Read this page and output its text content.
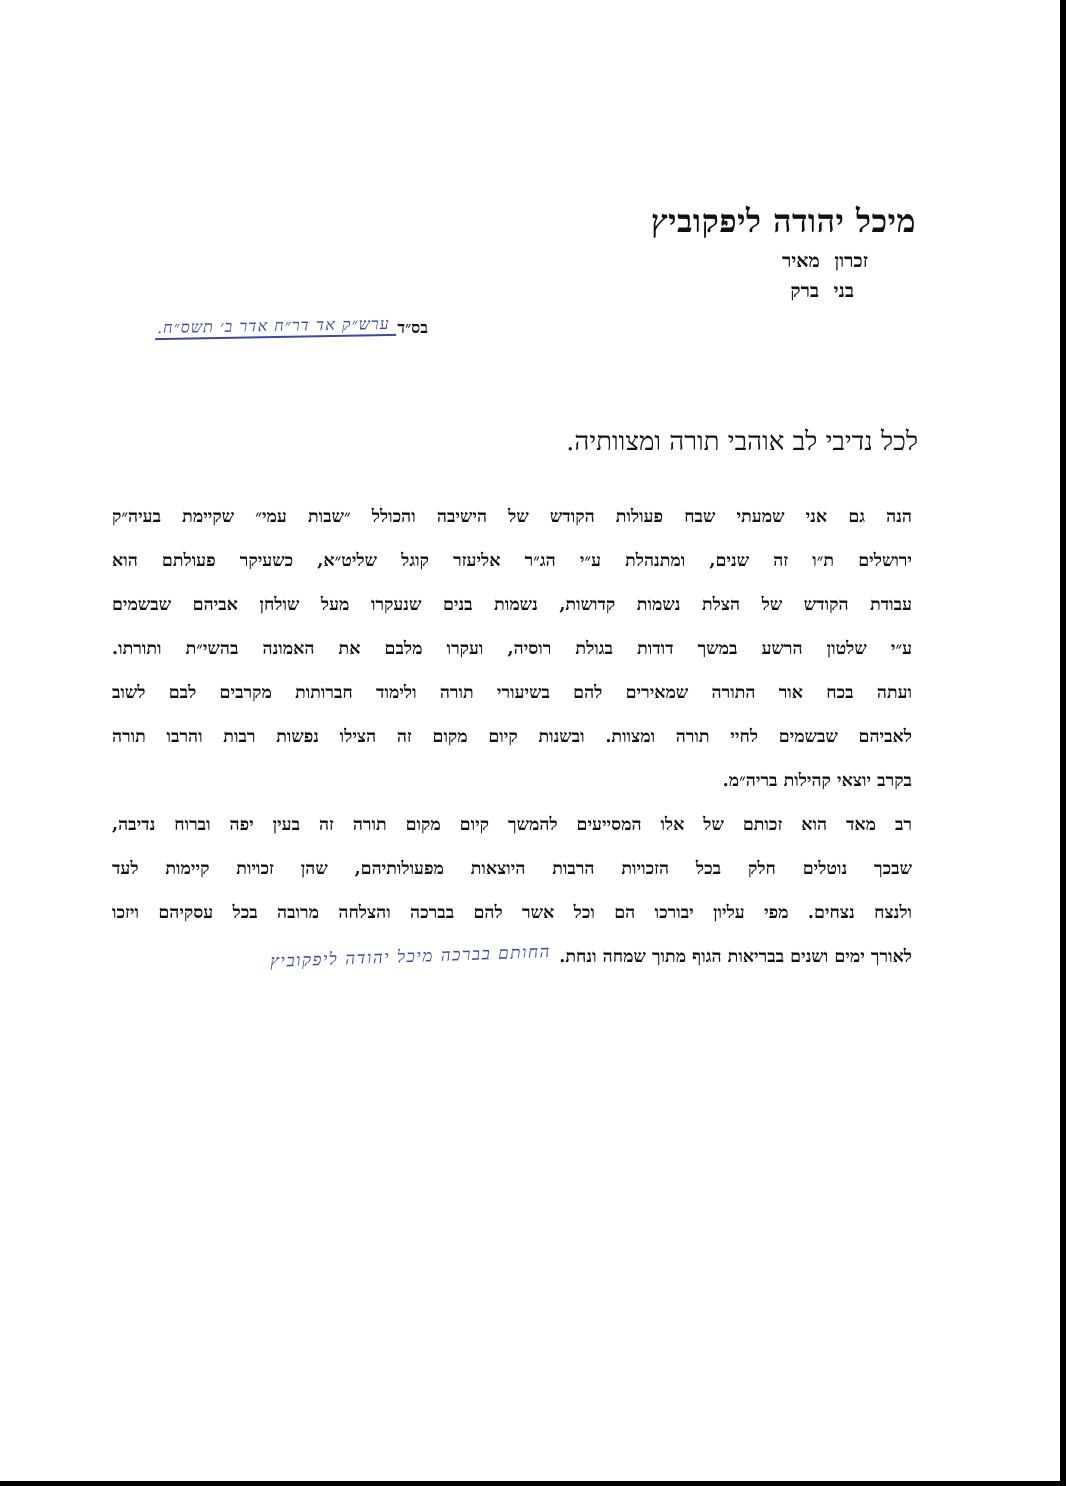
מיכל יהודה ליפקוביץ
זכרון מאיר
בני ברק
בס״ד
ערש״ק אד דר״ח אדר ב׳ תשס״ח.
לכל נדיבי לב אוהבי תורה ומצוותיה.
הנה גם אני שמעתי שבח פעולות הקודש של הישיבה והכולל ״שבות עמי״ שקיימת בעיה״ק
ירושלים ת״ו זה שנים, ומתנהלת ע״י הג״ר אליעזר קוגל שליט״א, כשעיקר פעולתם הוא
עבודת הקודש של הצלת נשמות קדושות, נשמות בנים שנעקרו מעל שולחן אביהם שבשמים
ע״י שלטון הרשע במשך דודות בגולת רוסיה, ועקרו מלבם את האמונה בהשי״ת ותורתו.
ועתה בכח אור התורה שמאירים להם בשיעורי תורה ולימוד חברותות מקרבים לבם לשוב
לאביהם שבשמים לחיי תורה ומצוות. ובשנות קיום מקום זה הצילו נפשות רבות והרבו תורה
בקרב יוצאי קהילות בריה״מ.
רב מאד הוא זכותם של אלו המסייעים להמשך קיום מקום תורה זה בעין יפה וברוח נדיבה,
שבכך נוטלים חלק בכל הזכויות הרבות היוצאות מפעולותיהם, שהן זכויות קיימות לעד
ולנצח נצחים. מפי עליון יבורכו הם וכל אשר להם בברכה והצלחה מרובה בכל עסקיהם ויזכו
לאורך ימים ושנים בבריאות הגוף מתוך שמחה ונחת.
החותם בברכה מיכל יהודה ליפקוביץ
